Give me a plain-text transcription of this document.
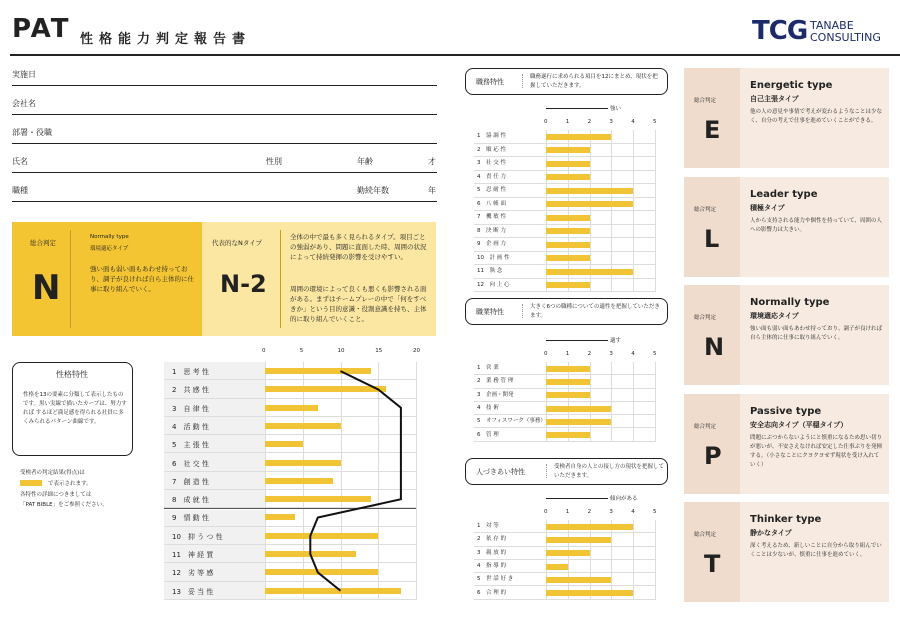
PAT 性格能力判定報告書	TCG TANABE
CONSULTING
実施日
会社名
部署・役職
氏名	性別	年齢	才
職種	勤続年数	年
総合判定
N
Normally type
環境適応タイプ
強い面も弱い面もあわせ持っており、調子が良ければ自ら主体的に仕事に取り組んでいく。
代表的なNタイプ
N-2
全体の中で最も多く見られるタイプ。項目ごとの強弱があり、問題に直面した時、周囲の状況によって持続発揮の影響を受けやすい。
周囲の環境によって良くも悪くも影響される面がある。まずはチームプレーの中で「何をすべきか」という目的意識・役割意識を持ち、主体的に取り組んでいくこと。
性格特性
性格を13の要素に分類して表示したものです。黒い実線で描いたカーブは、努力すれば するほど満足感を得られる社員に多くみられるパターン曲線です。
受検者の判定結果(得点)は
で表示されます。
各特性の詳細につきましては
「PAT BIBLE」をご参照ください。
0	5	10	15	20
1　思 考 性
2　共 感 性
3　自 律 性
4　活 動 性
5　主 張 性
6　社 交 性
7　創 造 性
8　成 就 性
9　情 動 性
10　抑 う つ 性
11　神 経 質
12　劣 等 感
13　妥 当 性
職務特性
職務遂行に求められる項目を12にまとめ、現状を把握していただきます。
強い
0	1	2	3	4	5
1　協 調 性
2　順 応 性
3　社 交 性
4　責 任 力
5　忍 耐 性
6　八 帳 面
7　機 敏 性
8　決 断 力
9　企 画 力
10　計 画 性
11　執 念
12　向 上 心
職業特性
大きく6つの職種についての適性を把握していただきます。
適す
0	1	2	3	4	5
1　営 業
2　業 務 管 理
3　企画・開発
4　技 術
5　オフィスワーク（事務）
6　管 理
人づきあい特性
受検者自身の人との接し方の現状を把握していただきます。
傾向がある
0	1	2	3	4	5
1　対 等
2　依 存 的
3　親 放 的
4　指 導 的
5　世 話 好 き
6　合 理 的
総合判定
E
Energetic type
自己主張タイプ
他の人の意見や事情で考えが変わるようなことは少なく、自分の考えで仕事を進めていくことができる。
総合判定
L
Leader type
積極タイプ
人から支持される能力や個性を持っていて、周囲の人への影響力は大きい。
総合判定
N
Normally type
環境適応タイプ
強い面も弱い面もあわせ持っており、調子が良ければ自ら主体的に仕事に取り組んでいく。
総合判定
P
Passive type
安全志向タイプ（平穏タイプ）
問題にぶつからないようにと慎重になるため思い切りが悪いが、不安さえなければ安定した仕事ぶりを発揮する。（小さなことにクヨクヨせず現状を受け入れていく）
総合判定
T
Thinker type
静かなタイプ
深く考えるため、新しいことに自分から取り組んでいくことは少ないが、慎重に仕事を進めていく。
